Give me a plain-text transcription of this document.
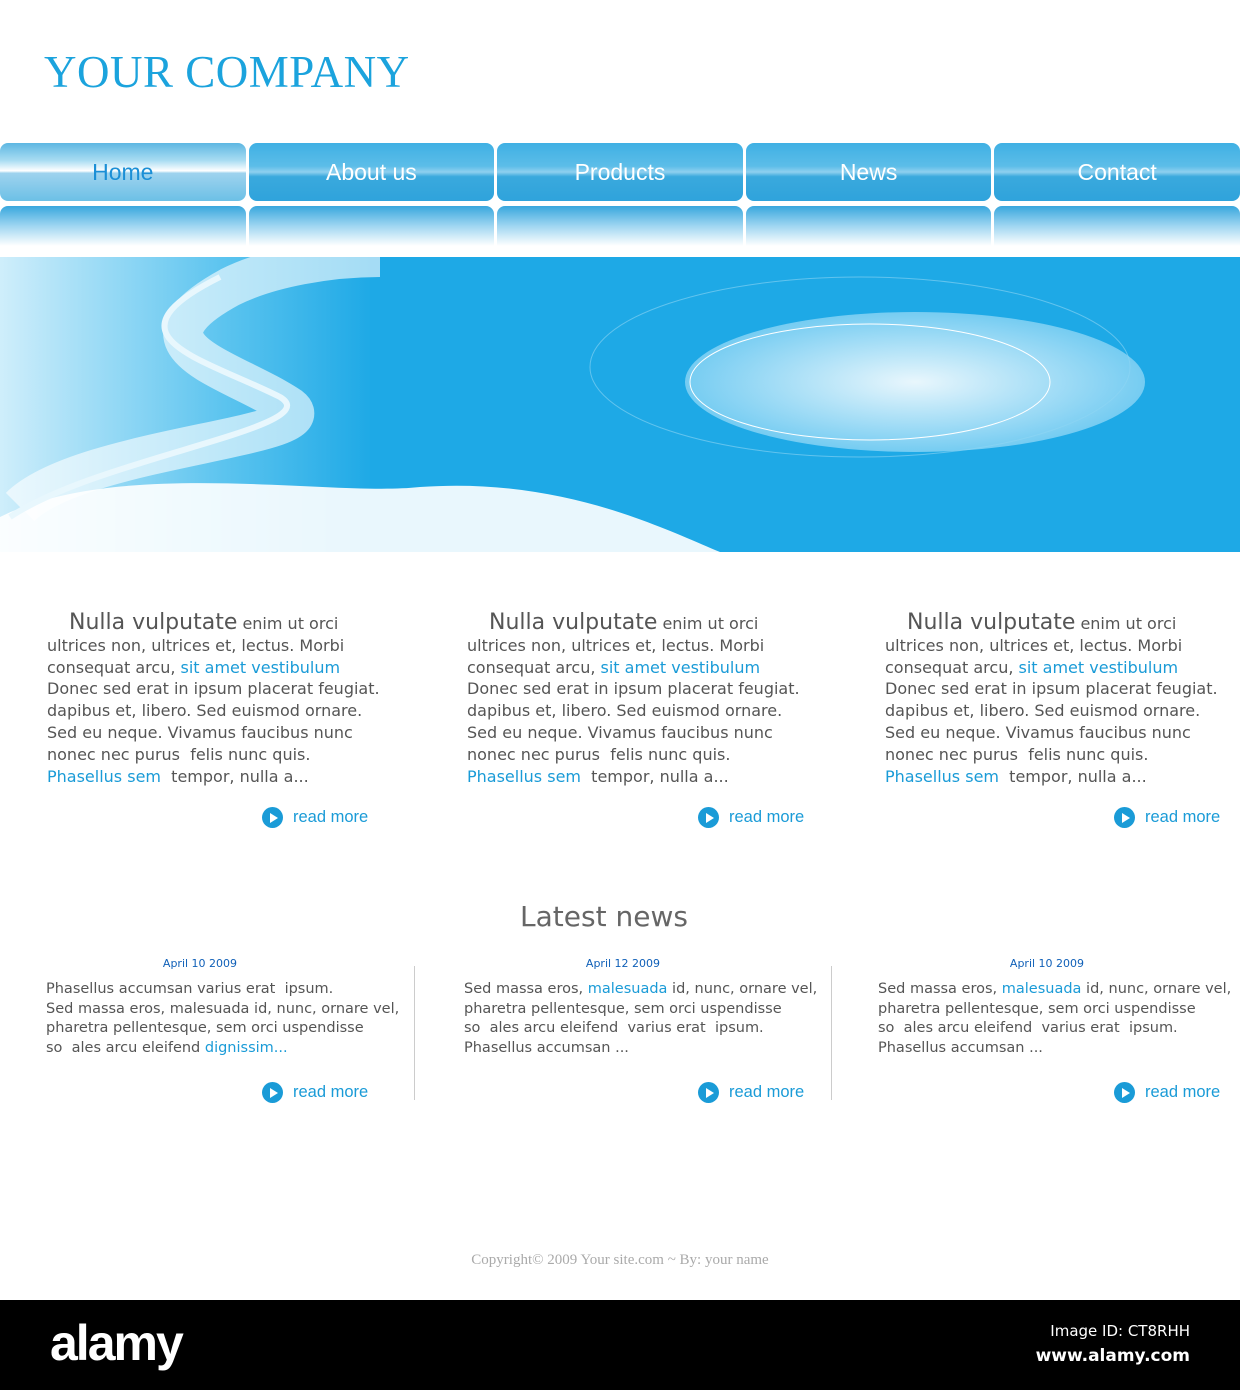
YOUR COMPANY
Home	About us	Products	News	Contact
Nulla vulputate enim ut orci
ultrices non, ultrices et, lectus. Morbi
consequat arcu, sit amet vestibulum
Donec sed erat in ipsum placerat feugiat.
dapibus et, libero. Sed euismod ornare.
Sed eu neque. Vivamus faucibus nunc
nonec nec purus  felis nunc quis.
Phasellus sem  tempor, nulla a...
read more
Nulla vulputate enim ut orci
ultrices non, ultrices et, lectus. Morbi
consequat arcu, sit amet vestibulum
Donec sed erat in ipsum placerat feugiat.
dapibus et, libero. Sed euismod ornare.
Sed eu neque. Vivamus faucibus nunc
nonec nec purus  felis nunc quis.
Phasellus sem  tempor, nulla a...
read more
Nulla vulputate enim ut orci
ultrices non, ultrices et, lectus. Morbi
consequat arcu, sit amet vestibulum
Donec sed erat in ipsum placerat feugiat.
dapibus et, libero. Sed euismod ornare.
Sed eu neque. Vivamus faucibus nunc
nonec nec purus  felis nunc quis.
Phasellus sem  tempor, nulla a...
read more
Latest news
April 10 2009
Phasellus accumsan varius erat  ipsum.
Sed massa eros, malesuada id, nunc, ornare vel,
pharetra pellentesque, sem orci uspendisse
so  ales arcu eleifend dignissim...
read more
April 12 2009
Sed massa eros, malesuada id, nunc, ornare vel,
pharetra pellentesque, sem orci uspendisse
so  ales arcu eleifend  varius erat  ipsum.
Phasellus accumsan ...
read more
April 10 2009
Sed massa eros, malesuada id, nunc, ornare vel,
pharetra pellentesque, sem orci uspendisse
so  ales arcu eleifend  varius erat  ipsum.
Phasellus accumsan ...
read more
Copyright© 2009 Your site.com ~ By: your name
alamy	Image ID: CT8RHH
www.alamy.com
